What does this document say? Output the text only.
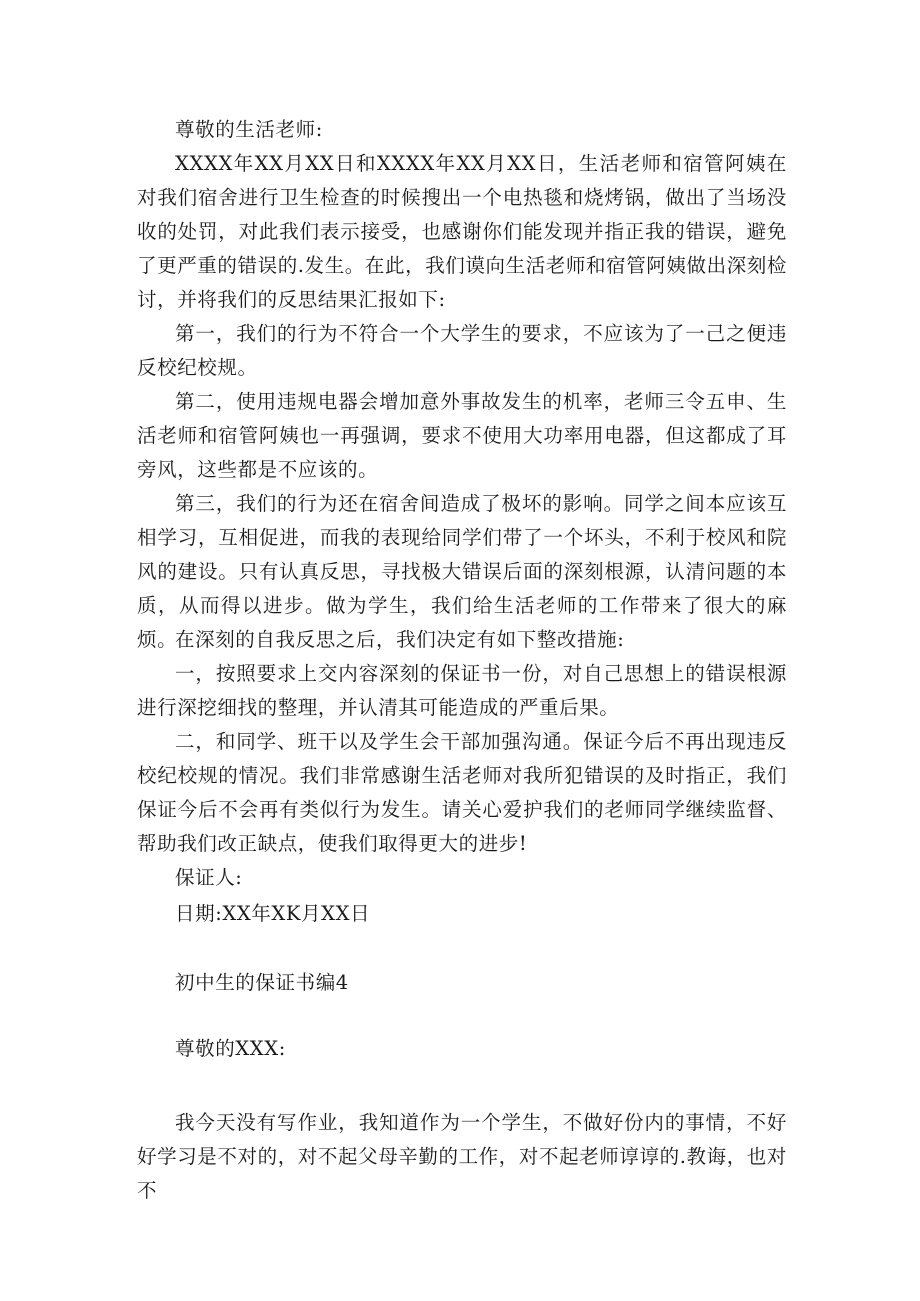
尊敬的生活老师:

XXXX年XX月XX日和XXXX年XX月XX日，生活老师和宿管阿姨在对我们宿舍进行卫生检查的时候搜出一个电热毯和烧烤锅，做出了当场没收的处罚，对此我们表示接受，也感谢你们能发现并指正我的错误，避免了更严重的错误的.发生。在此，我们谟向生活老师和宿管阿姨做出深刻检讨，并将我们的反思结果汇报如下:

第一，我们的行为不符合一个大学生的要求，不应该为了一己之便违反校纪校规。

第二，使用违规电器会增加意外事故发生的机率，老师三令五申、生活老师和宿管阿姨也一再强调，要求不使用大功率用电器，但这都成了耳旁风，这些都是不应该的。

第三，我们的行为还在宿舍间造成了极坏的影响。同学之间本应该互相学习，互相促进，而我的表现给同学们带了一个坏头，不利于校风和院风的建设。只有认真反思，寻找极大错误后面的深刻根源，认清问题的本质，从而得以进步。做为学生，我们给生活老师的工作带来了很大的麻烦。

在深刻的自我反思之后，我们决定有如下整改措施:

一，按照要求上交内容深刻的保证书一份，对自己思想上的错误根源进行深挖细找的整理，并认清其可能造成的严重后果。

二，和同学、班干以及学生会干部加强沟通。保证今后不再出现违反校纪校规的情况。我们非常感谢生活老师对我所犯错误的及时指正，我们保证今后不会再有类似行为发生。请关心爱护我们的老师同学继续监督、帮助我们改正缺点，使我们取得更大的进步!

保证人:

日期:XX年XK月XX日

初中生的保证书编4

尊敬的XXX:

我今天没有写作业，我知道作为一个学生，不做好份内的事情，不好好学习是不对的，对不起父母辛勤的工作，对不起老师谆谆的.教诲，也对不
